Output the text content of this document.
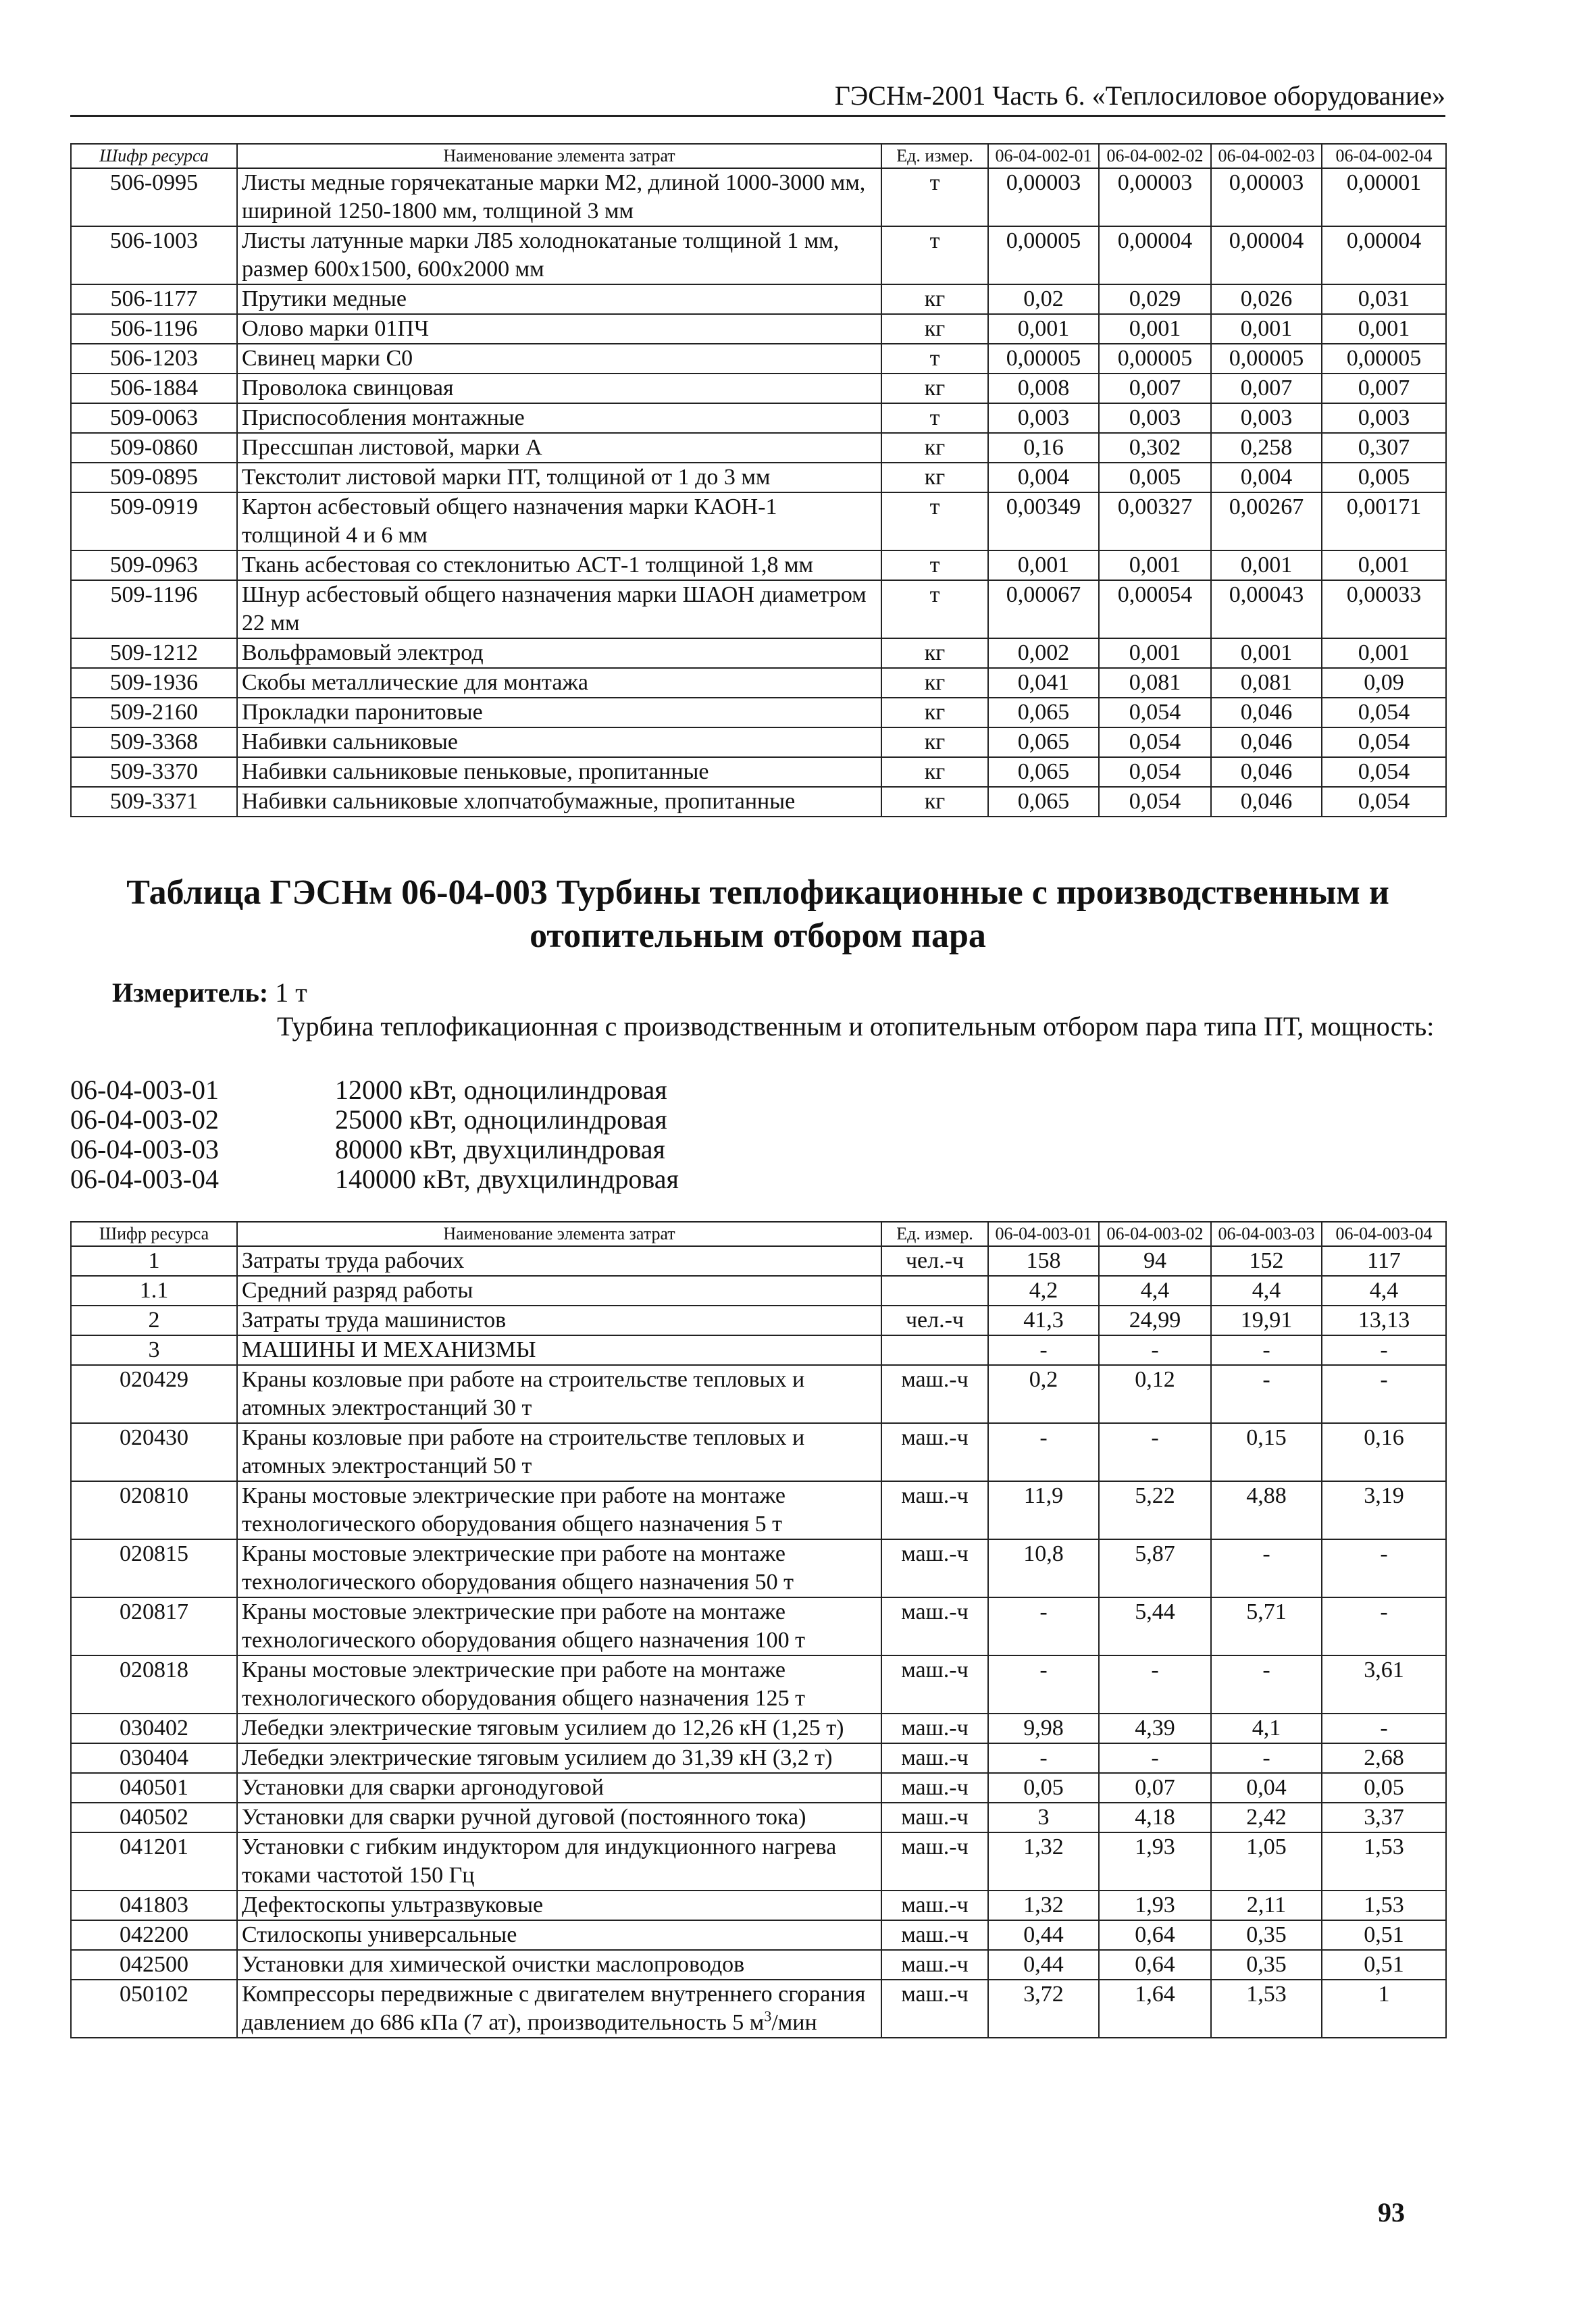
ГЭСНм-2001 Часть 6. «Теплосиловое оборудование»
Шифр ресурса	Наименование элемента затрат	Ед. измер.	06-04-002-01	06-04-002-02	06-04-002-03	06-04-002-04
506-0995	Листы медные горячекатаные марки М2, длиной 1000-3000 мм, шириной 1250-1800 мм, толщиной 3 мм	т	0,00003	0,00003	0,00003	0,00001
506-1003	Листы латунные марки Л85 холоднокатаные толщиной 1 мм, размер 600х1500, 600х2000 мм	т	0,00005	0,00004	0,00004	0,00004
506-1177	Прутики медные	кг	0,02	0,029	0,026	0,031
506-1196	Олово марки 01ПЧ	кг	0,001	0,001	0,001	0,001
506-1203	Свинец марки С0	т	0,00005	0,00005	0,00005	0,00005
506-1884	Проволока свинцовая	кг	0,008	0,007	0,007	0,007
509-0063	Приспособления монтажные	т	0,003	0,003	0,003	0,003
509-0860	Прессшпан листовой, марки А	кг	0,16	0,302	0,258	0,307
509-0895	Текстолит листовой марки ПТ, толщиной от 1 до 3 мм	кг	0,004	0,005	0,004	0,005
509-0919	Картон асбестовый общего назначения марки КАОН-1 толщиной 4 и 6 мм	т	0,00349	0,00327	0,00267	0,00171
509-0963	Ткань асбестовая со стеклонитью АСТ-1 толщиной 1,8 мм	т	0,001	0,001	0,001	0,001
509-1196	Шнур асбестовый общего назначения марки ШАОН диаметром 22 мм	т	0,00067	0,00054	0,00043	0,00033
509-1212	Вольфрамовый электрод	кг	0,002	0,001	0,001	0,001
509-1936	Скобы металлические для монтажа	кг	0,041	0,081	0,081	0,09
509-2160	Прокладки паронитовые	кг	0,065	0,054	0,046	0,054
509-3368	Набивки сальниковые	кг	0,065	0,054	0,046	0,054
509-3370	Набивки сальниковые пеньковые, пропитанные	кг	0,065	0,054	0,046	0,054
509-3371	Набивки сальниковые хлопчатобумажные, пропитанные	кг	0,065	0,054	0,046	0,054
Таблица ГЭСНм 06-04-003 Турбины теплофикационные с производственным и отопительным отбором пара
Измеритель: 1 т
Турбина теплофикационная с производственным и отопительным отбором пара типа ПТ, мощность:
06-04-003-01	12000 кВт, одноцилиндровая
06-04-003-02	25000 кВт, одноцилиндровая
06-04-003-03	80000 кВт, двухцилиндровая
06-04-003-04	140000 кВт, двухцилиндровая
Шифр ресурса	Наименование элемента затрат	Ед. измер.	06-04-003-01	06-04-003-02	06-04-003-03	06-04-003-04
1	Затраты труда рабочих	чел.-ч	158	94	152	117
1.1	Средний разряд работы		4,2	4,4	4,4	4,4
2	Затраты труда машинистов	чел.-ч	41,3	24,99	19,91	13,13
3	МАШИНЫ И МЕХАНИЗМЫ		-	-	-	-
020429	Краны козловые при работе на строительстве тепловых и атомных электростанций 30 т	маш.-ч	0,2	0,12	-	-
020430	Краны козловые при работе на строительстве тепловых и атомных электростанций 50 т	маш.-ч	-	-	0,15	0,16
020810	Краны мостовые электрические при работе на монтаже технологического оборудования общего назначения 5 т	маш.-ч	11,9	5,22	4,88	3,19
020815	Краны мостовые электрические при работе на монтаже технологического оборудования общего назначения 50 т	маш.-ч	10,8	5,87	-	-
020817	Краны мостовые электрические при работе на монтаже технологического оборудования общего назначения 100 т	маш.-ч	-	5,44	5,71	-
020818	Краны мостовые электрические при работе на монтаже технологического оборудования общего назначения 125 т	маш.-ч	-	-	-	3,61
030402	Лебедки электрические тяговым усилием до 12,26 кН (1,25 т)	маш.-ч	9,98	4,39	4,1	-
030404	Лебедки электрические тяговым усилием до 31,39 кН (3,2 т)	маш.-ч	-	-	-	2,68
040501	Установки для сварки аргонодуговой	маш.-ч	0,05	0,07	0,04	0,05
040502	Установки для сварки ручной дуговой (постоянного тока)	маш.-ч	3	4,18	2,42	3,37
041201	Установки с гибким индуктором для индукционного нагрева токами частотой 150 Гц	маш.-ч	1,32	1,93	1,05	1,53
041803	Дефектоскопы ультразвуковые	маш.-ч	1,32	1,93	2,11	1,53
042200	Стилоскопы универсальные	маш.-ч	0,44	0,64	0,35	0,51
042500	Установки для химической очистки маслопроводов	маш.-ч	0,44	0,64	0,35	0,51
050102	Компрессоры передвижные с двигателем внутреннего сгорания давлением до 686 кПа (7 ат), производительность 5 $м^3$/мин	маш.-ч	3,72	1,64	1,53	1
93
